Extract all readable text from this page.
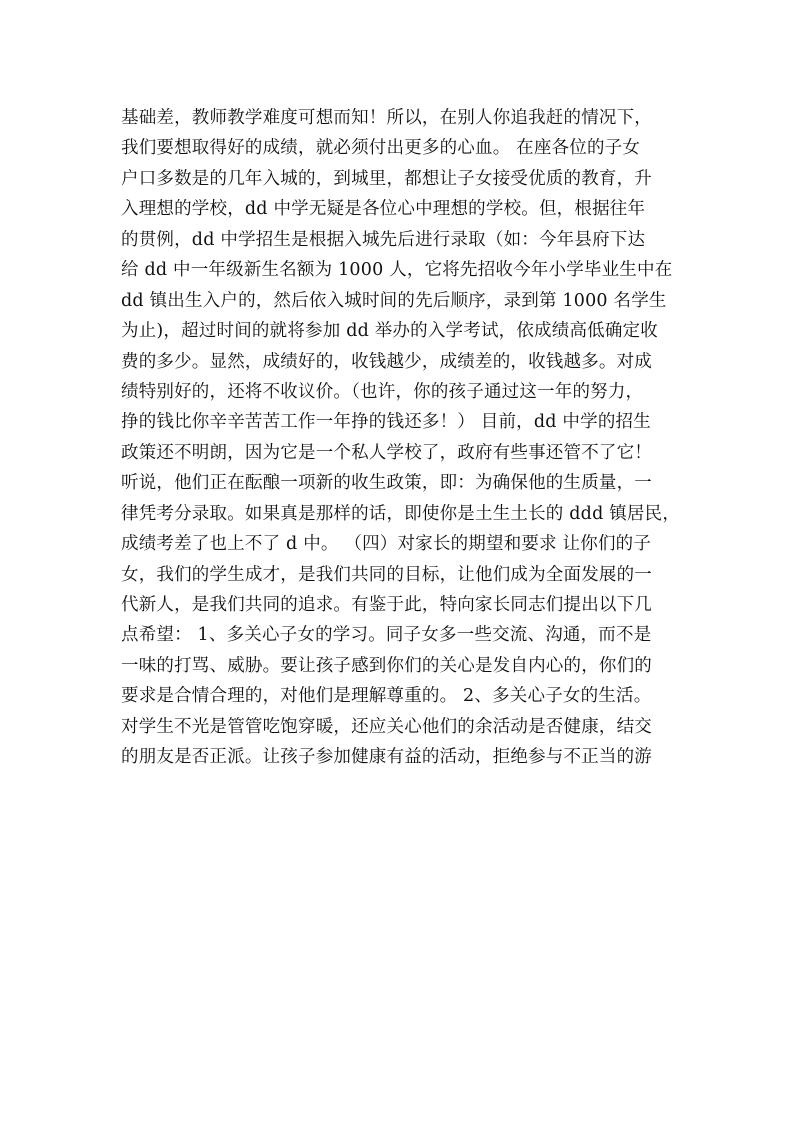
基础差，教师教学难度可想而知！所以，在别人你追我赶的情况下，
我们要想取得好的成绩，就必须付出更多的心血。 在座各位的子女
户口多数是的几年入城的，到城里，都想让子女接受优质的教育，升
入理想的学校，dd 中学无疑是各位心中理想的学校。但，根据往年
的贯例，dd 中学招生是根据入城先后进行录取（如：今年县府下达
给 dd 中一年级新生名额为 1000 人，它将先招收今年小学毕业生中在
dd 镇出生入户的，然后依入城时间的先后顺序，录到第 1000 名学生
为止)，超过时间的就将参加 dd 举办的入学考试，依成绩高低确定收
费的多少。显然，成绩好的，收钱越少，成绩差的，收钱越多。对成
绩特别好的，还将不收议价。（也许，你的孩子通过这一年的努力，
挣的钱比你辛辛苦苦工作一年挣的钱还多！） 目前，dd 中学的招生
政策还不明朗，因为它是一个私人学校了，政府有些事还管不了它！
听说，他们正在酝酿一项新的收生政策，即：为确保他的生质量，一
律凭考分录取。如果真是那样的话，即使你是土生土长的 ddd 镇居民，
成绩考差了也上不了 d 中。 （四）对家长的期望和要求 让你们的子
女，我们的学生成才，是我们共同的目标，让他们成为全面发展的一
代新人，是我们共同的追求。有鉴于此，特向家长同志们提出以下几
点希望： 1、多关心子女的学习。同子女多一些交流、沟通，而不是
一味的打骂、威胁。要让孩子感到你们的关心是发自内心的，你们的
要求是合情合理的，对他们是理解尊重的。 2、多关心子女的生活。
对学生不光是管管吃饱穿暖，还应关心他们的余活动是否健康，结交
的朋友是否正派。让孩子参加健康有益的活动，拒绝参与不正当的游
